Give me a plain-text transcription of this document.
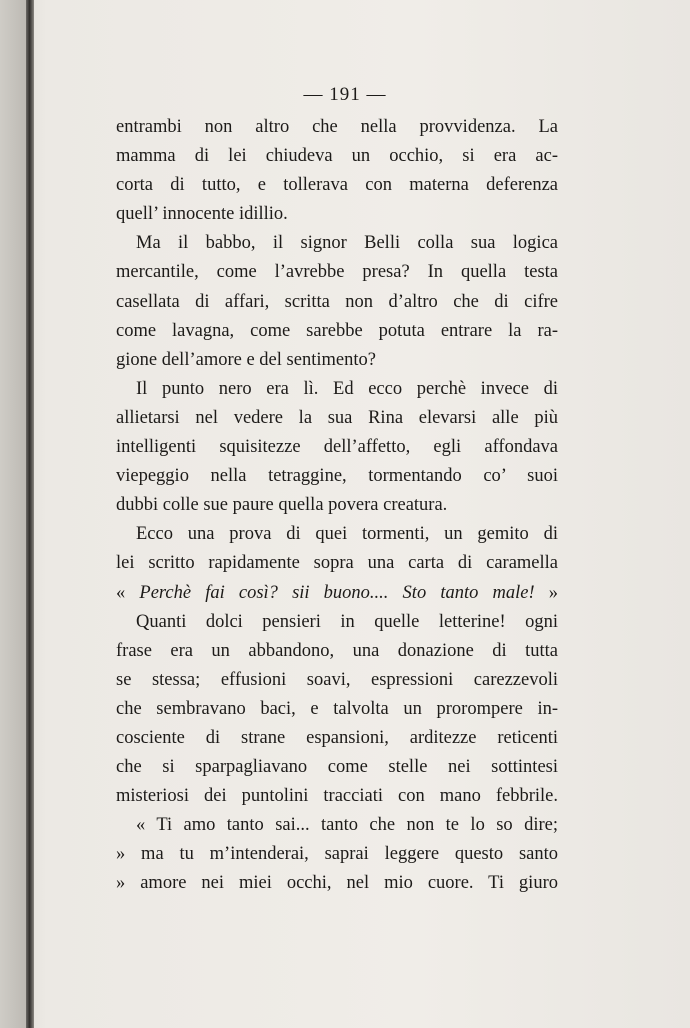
— 191 —
entrambi non altro che nella provvidenza. La
mamma di lei chiudeva un occhio, si era ac-
corta di tutto, e tollerava con materna deferenza
quell’ innocente idillio.
Ma il babbo, il signor Belli colla sua logica
mercantile, come l’avrebbe presa? In quella testa
casellata di affari, scritta non d’altro che di cifre
come lavagna, come sarebbe potuta entrare la ra-
gione dell’amore e del sentimento?
Il punto nero era lì. Ed ecco perchè invece di
allietarsi nel vedere la sua Rina elevarsi alle più
intelligenti squisitezze dell’affetto, egli affondava
viepeggio nella tetraggine, tormentando co’ suoi
dubbi colle sue paure quella povera creatura.
Ecco una prova di quei tormenti, un gemito di
lei scritto rapidamente sopra una carta di caramella
« Perchè fai così? sii buono.... Sto tanto male! »
Quanti dolci pensieri in quelle letterine! ogni
frase era un abbandono, una donazione di tutta
se stessa; effusioni soavi, espressioni carezzevoli
che sembravano baci, e talvolta un prorompere in-
cosciente di strane espansioni, arditezze reticenti
che si sparpagliavano come stelle nei sottintesi
misteriosi dei puntolini tracciati con mano febbrile.
« Ti amo tanto sai... tanto che non te lo so dire;
» ma tu m’intenderai, saprai leggere questo santo
» amore nei miei occhi, nel mio cuore. Ti giuro
